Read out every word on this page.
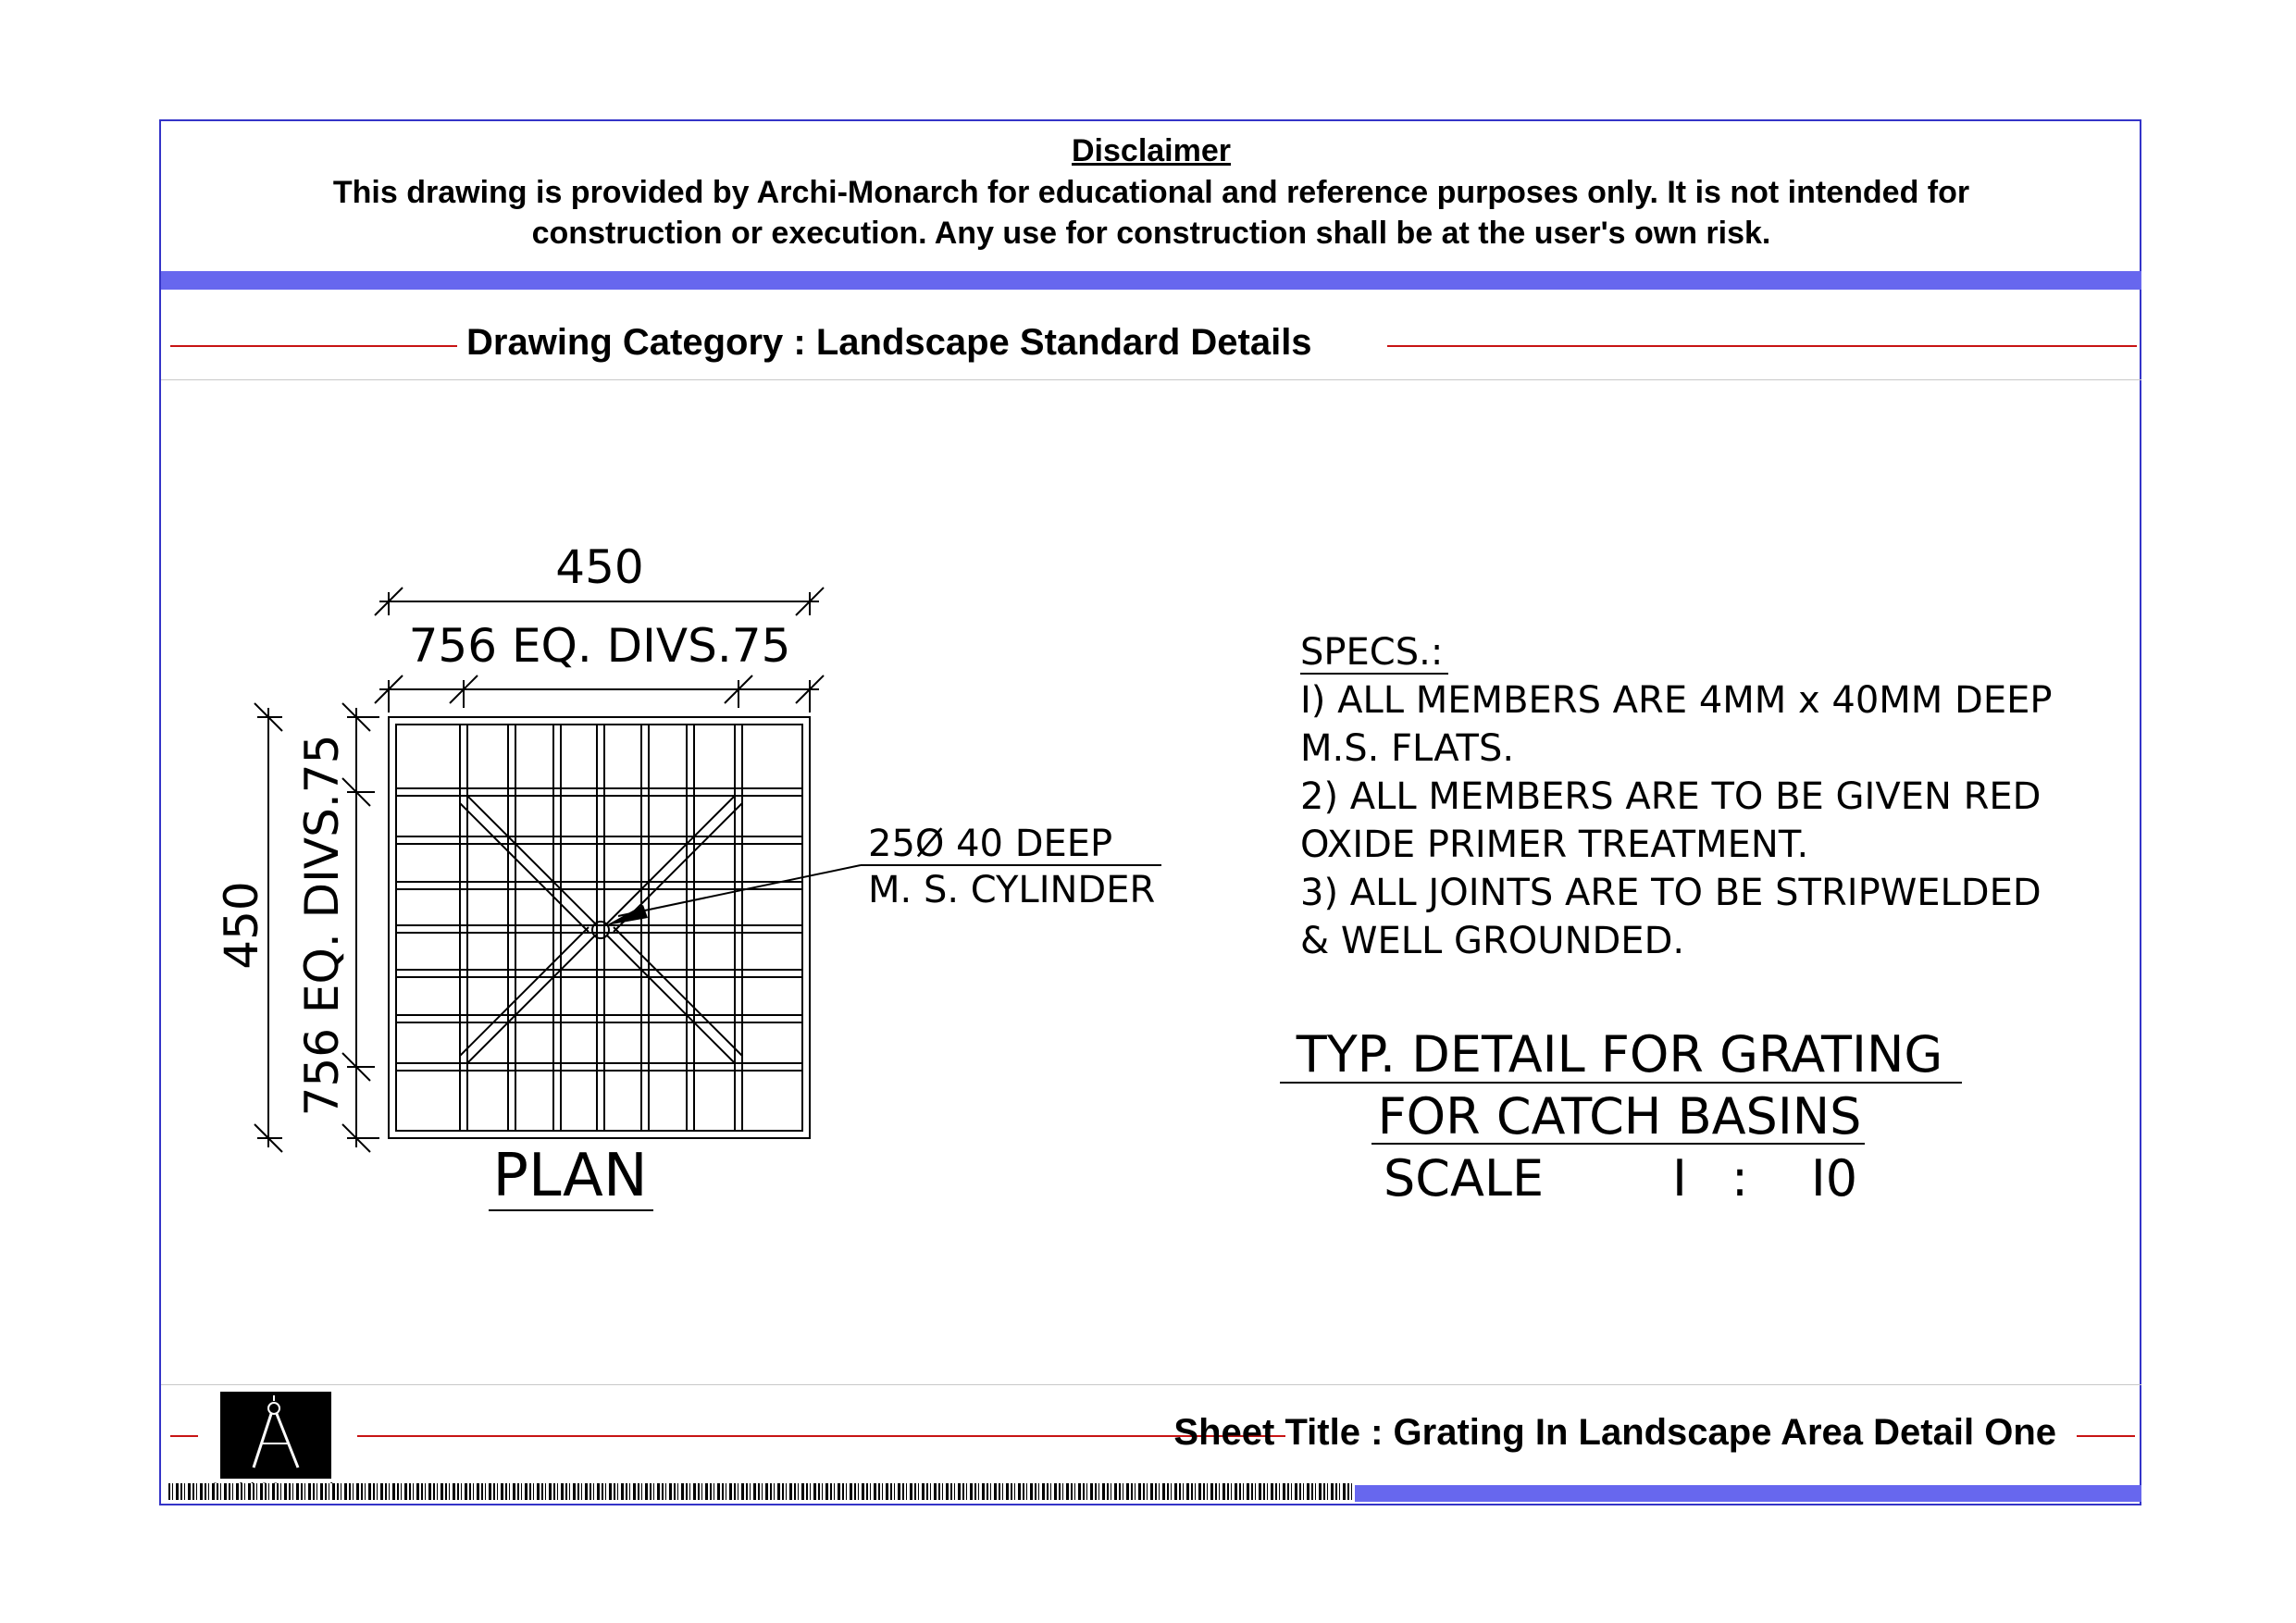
Disclaimer
This drawing is provided by Archi-Monarch for educational and reference purposes only. It is not intended for
construction or execution. Any use for construction shall be at the user's own risk.
Drawing Category : Landscape Standard Details
Sheet Title : Grating In Landscape Area Detail One
450
756 EQ. DIVS.75
450 756 EQ. DIVS.75	25Ø 40 DEEP
M. S. CYLINDER
PLAN
SPECS.:
I) ALL MEMBERS ARE 4MM x 40MM DEEP
M.S. FLATS.
2) ALL MEMBERS ARE TO BE GIVEN RED
OXIDE PRIMER TREATMENT.
3) ALL JOINTS ARE TO BE STRIPWELDED
& WELL GROUNDED.
TYP. DETAIL FOR GRATING
FOR CATCH BASINS
SCALE	I : I0
